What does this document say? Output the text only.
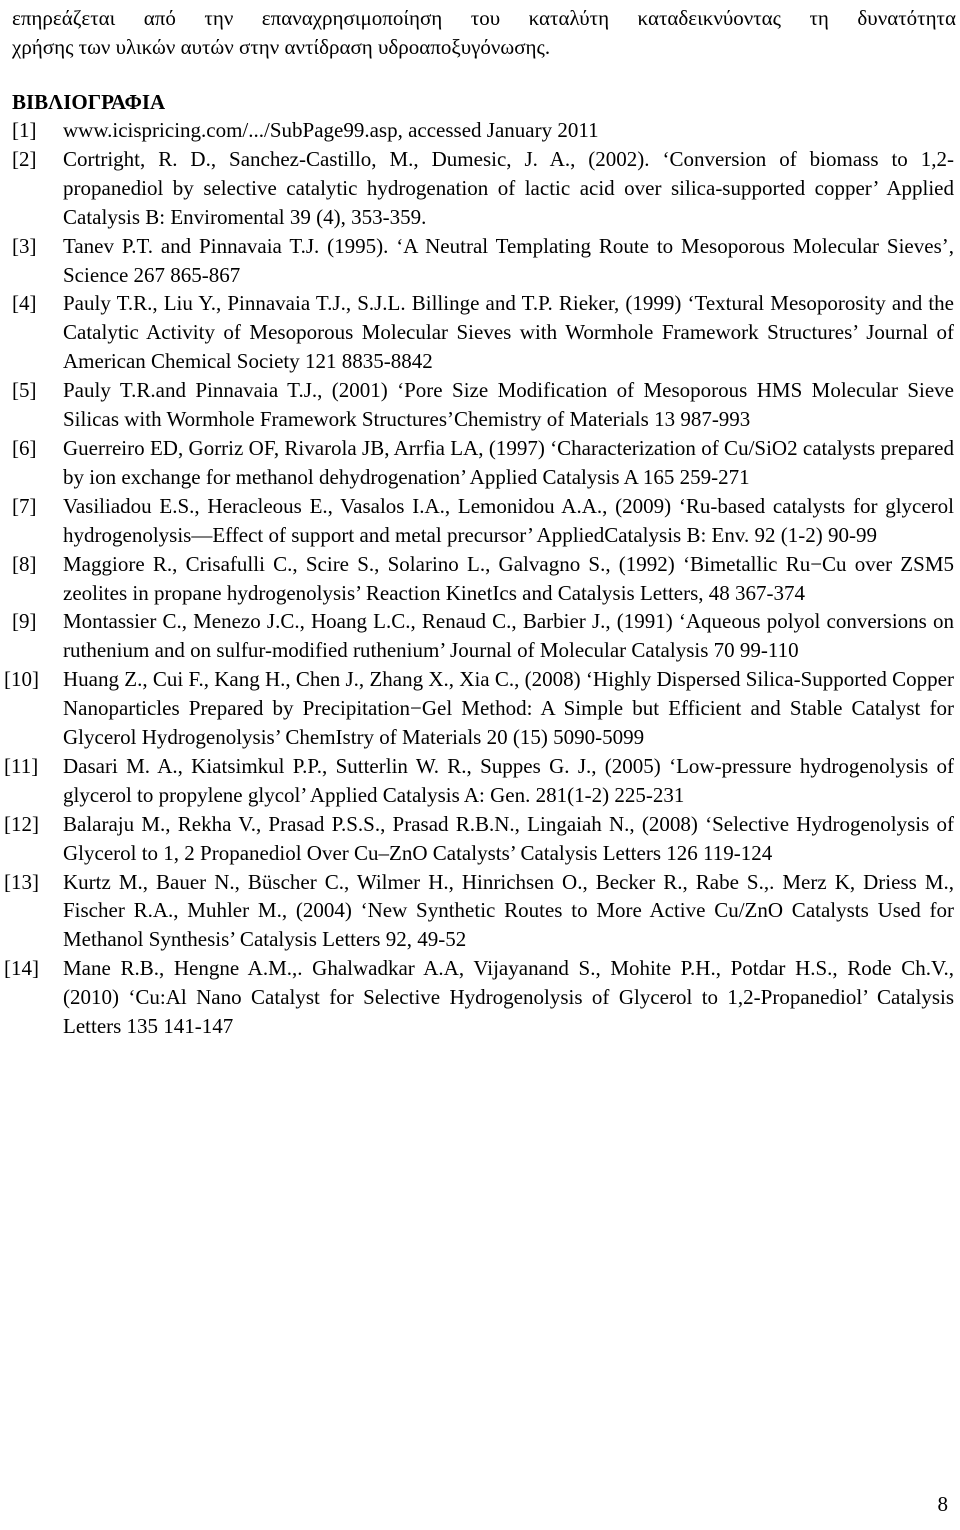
επηρεάζεται από την επαναχρησιμοποίηση του καταλύτη καταδεικνύοντας τη δυνατότητα
χρήσης των υλικών αυτών στην αντίδραση υδροαποξυγόνωσης.
ΒΙΒΛΙΟΓΡΑΦΙΑ
[1] www.icispricing.com/.../SubPage99.asp, accessed January 2011
[2] Cortright, R. D., Sanchez-Castillo, M., Dumesic, J. A., (2002). ‘Conversion of biomass to 1,2-propanediol by selective catalytic hydrogenation of lactic acid over silica-supported copper’ Applied Catalysis B: Enviromental 39 (4), 353-359.
[3] Tanev P.T. and Pinnavaia T.J. (1995). ‘A Neutral Templating Route to Mesoporous Molecular Sieves’, Science 267 865-867
[4] Pauly T.R., Liu Y., Pinnavaia T.J., S.J.L. Billinge and T.P. Rieker, (1999) ‘Textural Mesoporosity and the Catalytic Activity of Mesoporous Molecular Sieves with Wormhole Framework Structures’ Journal of American Chemical Society 121 8835-8842
[5] Pauly T.R.and Pinnavaia T.J., (2001) ‘Pore Size Modification of Mesoporous HMS Molecular Sieve Silicas with Wormhole Framework Structures’Chemistry of Materials 13 987-993
[6] Guerreiro ED, Gorriz OF, Rivarola JB, Arrfia LA, (1997) ‘Characterization of Cu/SiO2 catalysts prepared by ion exchange for methanol dehydrogenation’ Applied Catalysis A 165 259-271
[7] Vasiliadou E.S., Heracleous E., Vasalos I.A., Lemonidou A.A., (2009) ‘Ru-based catalysts for glycerol hydrogenolysis—Effect of support and metal precursor’ AppliedCatalysis B: Env. 92 (1-2) 90-99
[8] Maggiore R., Crisafulli C., Scire S., Solarino L., Galvagno S., (1992) ‘Bimetallic Ru−Cu over ZSM5 zeolites in propane hydrogenolysis’ Reaction KinetIcs and Catalysis Letters, 48 367-374
[9] Montassier C., Menezo J.C., Hoang L.C., Renaud C., Barbier J., (1991) ‘Aqueous polyol conversions on ruthenium and on sulfur-modified ruthenium’ Journal of Molecular Catalysis 70 99-110
[10] Huang Z., Cui F., Kang H., Chen J., Zhang X., Xia C., (2008) ‘Highly Dispersed Silica-Supported Copper Nanoparticles Prepared by Precipitation−Gel Method: A Simple but Efficient and Stable Catalyst for Glycerol Hydrogenolysis’ ChemIstry of Materials 20 (15) 5090-5099
[11] Dasari M. A., Kiatsimkul P.P., Sutterlin W. R., Suppes G. J., (2005) ‘Low-pressure hydrogenolysis of glycerol to propylene glycol’ Applied Catalysis A: Gen. 281(1-2) 225-231
[12] Balaraju M., Rekha V., Prasad P.S.S., Prasad R.B.N., Lingaiah N., (2008) ‘Selective Hydrogenolysis of Glycerol to 1, 2 Propanediol Over Cu–ZnO Catalysts’ Catalysis Letters 126 119-124
[13] Kurtz M., Bauer N., Büscher C., Wilmer H., Hinrichsen O., Becker R., Rabe S.,. Merz K, Driess M., Fischer R.A., Muhler M., (2004) ‘New Synthetic Routes to More Active Cu/ZnO Catalysts Used for Methanol Synthesis’ Catalysis Letters 92, 49-52
[14] Mane R.B., Hengne A.M.,. Ghalwadkar A.A, Vijayanand S., Mohite P.H., Potdar H.S., Rode Ch.V., (2010) ‘Cu:Al Nano Catalyst for Selective Hydrogenolysis of Glycerol to 1,2-Propanediol’ Catalysis Letters 135 141-147
8
